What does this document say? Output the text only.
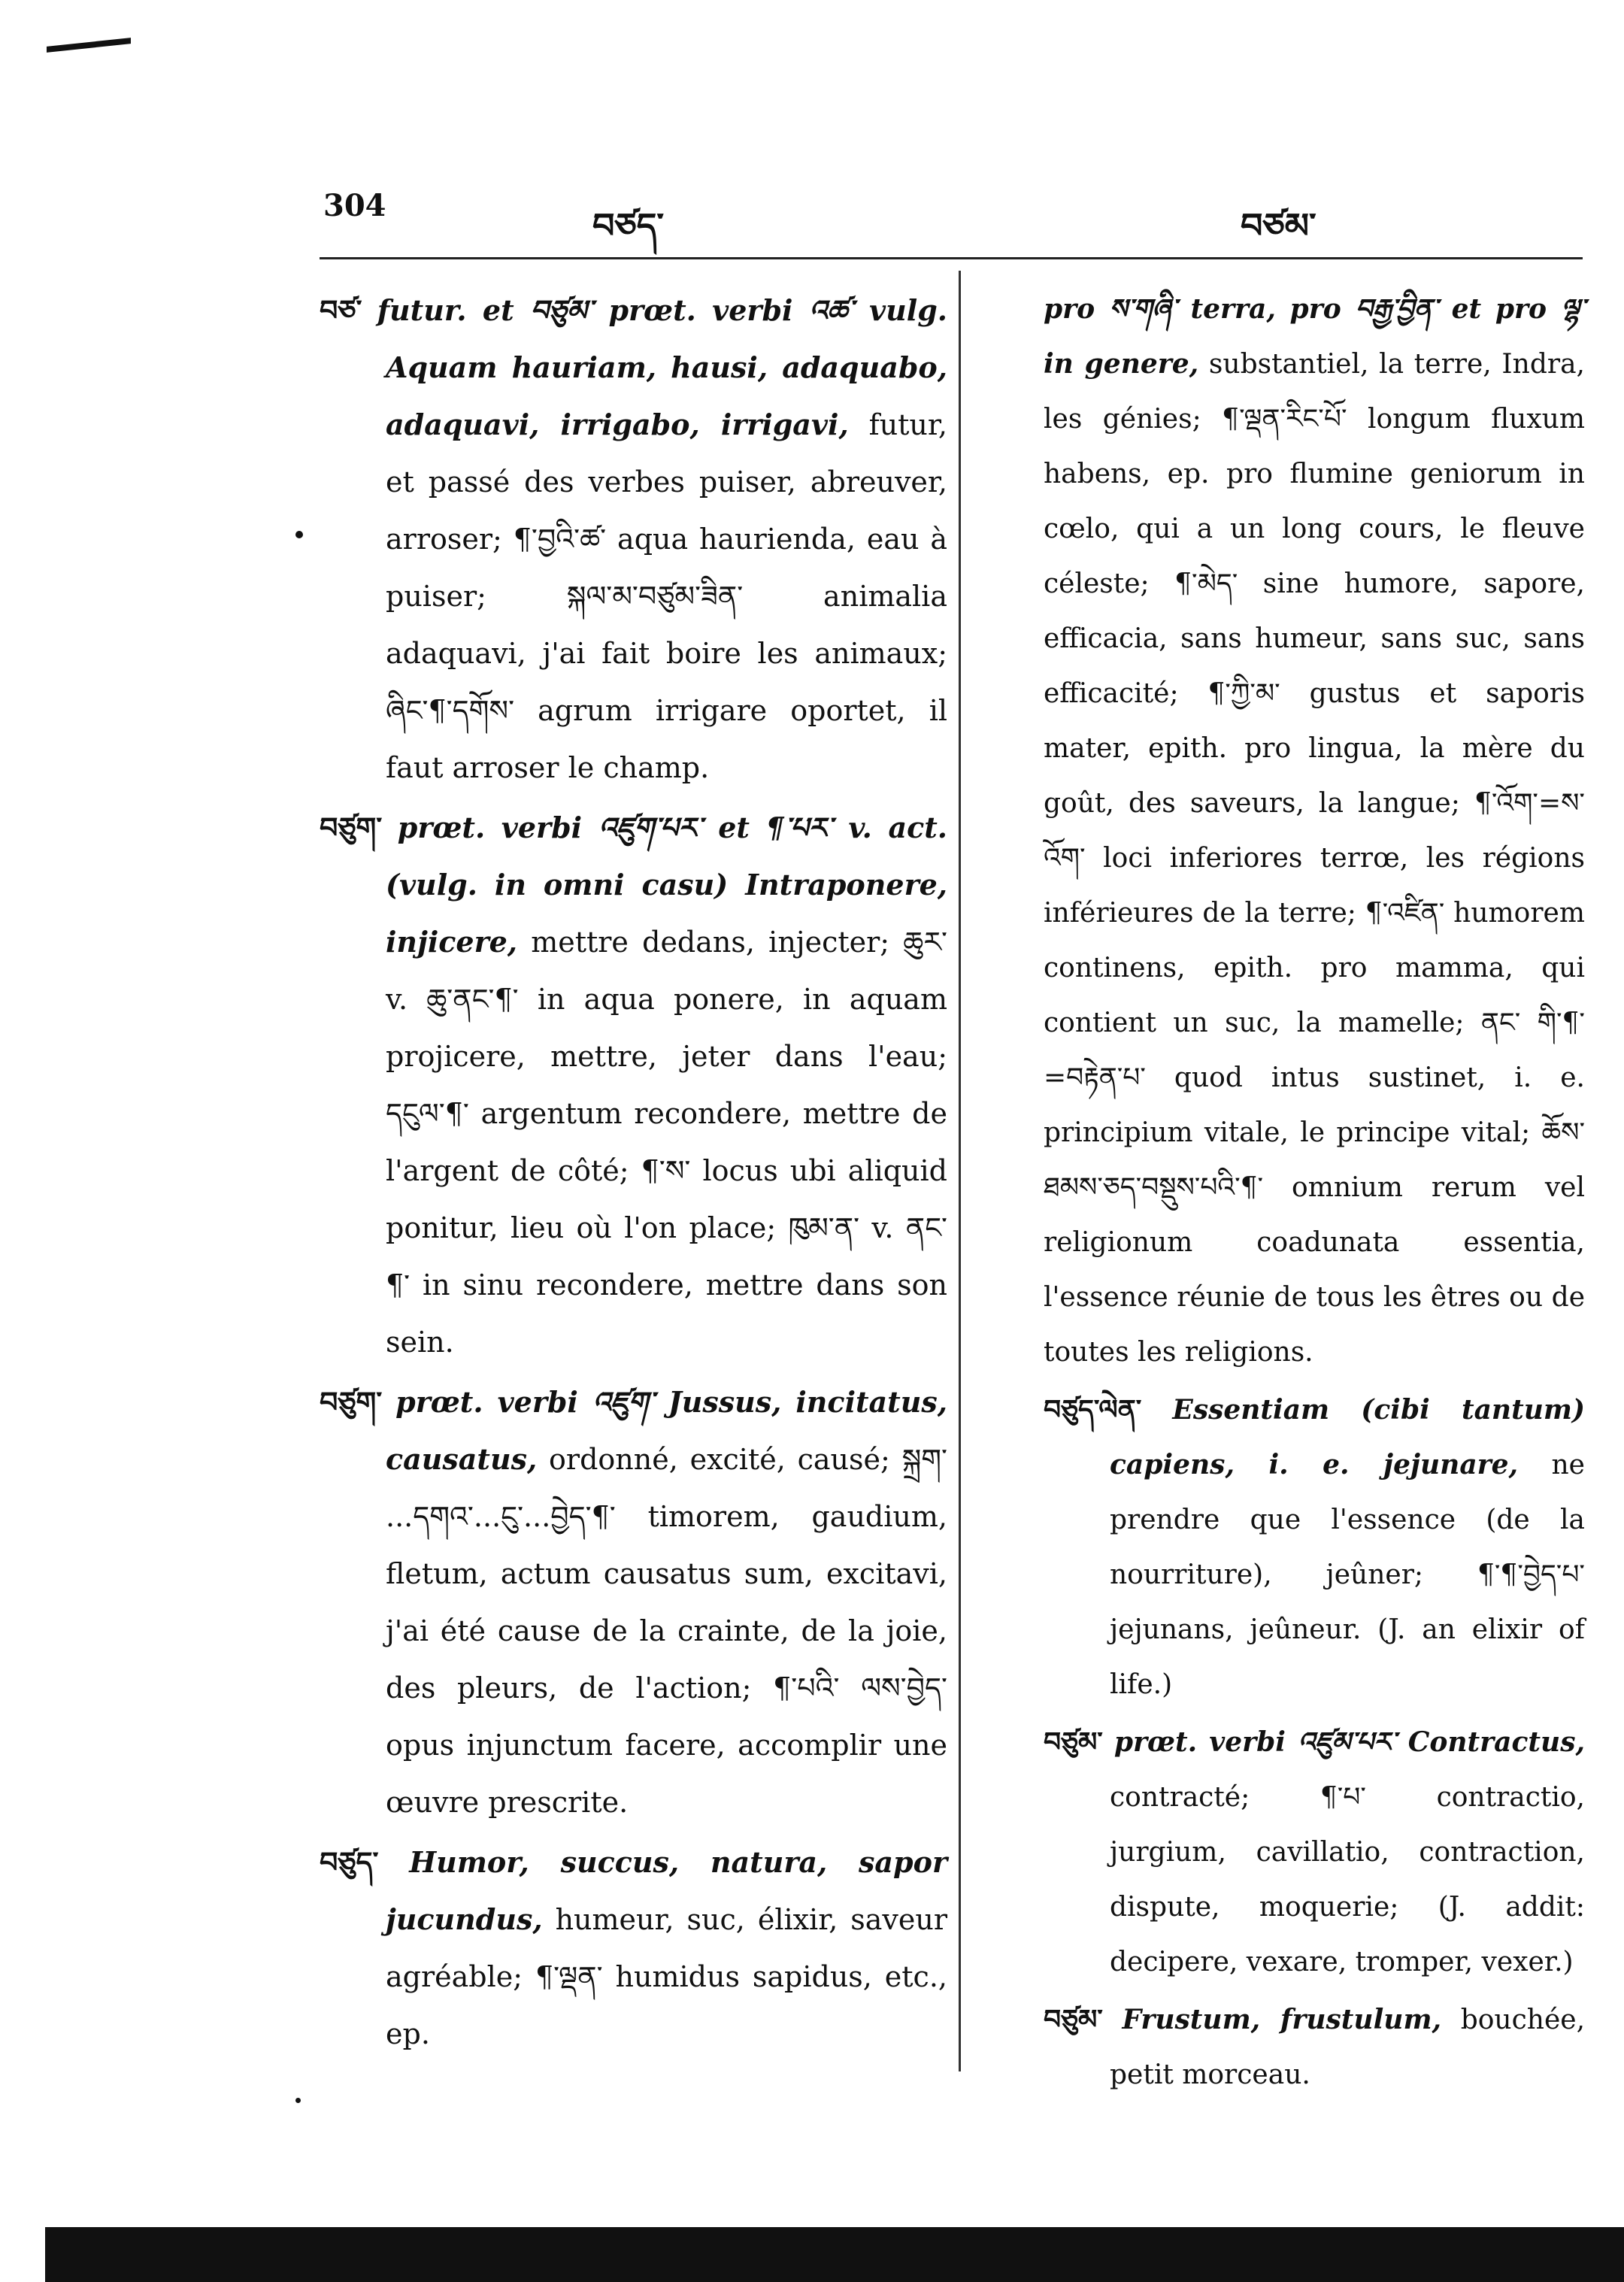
304	བཙད་	བཙམ་

བཙ་ futur. et བཙུམ་ prœt. verbi འཚ་ vulg. Aquam hauriam, hausi, adaquabo, adaquavi, irrigabo, irrigavi, futur, et passé des verbes puiser, abreuver, arroser; ¶་བྱའི་ཚ་ aqua haurienda, eau à puiser; སྐལ་མ་བཙུམ་ཟིན་ animalia adaquavi, j'ai fait boire les animaux; ཞིང་¶་དགོས་ agrum irrigare oportet, il faut arroser le champ.

བཙུག་ prœt. verbi འཛུག་པར་ et ¶་པར་ v. act. (vulg. in omni casu) Intraponere, injicere, mettre dedans, injecter; ཆུར་ v. ཆུ་ནང་¶་ in aqua ponere, in aquam projicere, mettre, jeter dans l'eau; དངུལ་¶་ argentum recondere, mettre de l'argent de côté; ¶་ས་ locus ubi aliquid ponitur, lieu où l'on place; ཁུམ་ན་ v. ནང་¶་ in sinu recondere, mettre dans son sein.

བཙུག་ prœt. verbi འཛུག་ Jussus, incitatus, causatus, ordonné, excité, causé; སྐྲག་ ...དགའ་...ངུ་...བྱེད་¶་ timorem, gaudium, fletum, actum causatus sum, excitavi, j'ai été cause de la crainte, de la joie, des pleurs, de l'action; ¶་པའི་ ལས་བྱེད་ opus injunctum facere, accomplir une œuvre prescrite.

བཙུད་ Humor, succus, natura, sapor jucundus, humeur, suc, élixir, saveur agréable; ¶་ལྡན་ humidus sapidus, etc., ep.

pro ས་གཞི་ terra, pro བརྒྱ་བྱིན་ et pro ལྷ་ in genere, substantiel, la terre, Indra, les génies; ¶་ལྡན་རིང་པོ་ longum fluxum habens, ep. pro flumine geniorum in cœlo, qui a un long cours, le fleuve céleste; ¶་མེད་ sine humore, sapore, efficacia, sans humeur, sans suc, sans efficacité; ¶་ཀྱི་མ་ gustus et saporis mater, epith. pro lingua, la mère du goût, des saveurs, la langue; ¶་འོག་=ས་ འོག་ loci inferiores terrœ, les régions inférieures de la terre; ¶་འཛིན་ humorem continens, epith. pro mamma, qui contient un suc, la mamelle; ནང་ གི་¶་=བརྟེན་པ་ quod intus sustinet, i. e. principium vitale, le principe vital; ཆོས་ཐམས་ཅད་བསྡུས་པའི་¶་ omnium rerum vel religionum coadunata essentia, l'essence réunie de tous les êtres ou de toutes les religions.

བཙུད་ལེན་ Essentiam (cibi tantum) capiens, i. e. jejunare, ne prendre que l'essence (de la nourriture), jeûner; ¶་¶་བྱེད་པ་ jejunans, jeûneur. (J. an elixir of life.)

བཙུམ་ prœt. verbi འཛུམ་པར་ Contractus, contracté; ¶་པ་ contractio, jurgium, cavillatio, contraction, dispute, moquerie; (J. addit: decipere, vexare, tromper, vexer.)

བཙུམ་ Frustum, frustulum, bouchée, petit morceau.
